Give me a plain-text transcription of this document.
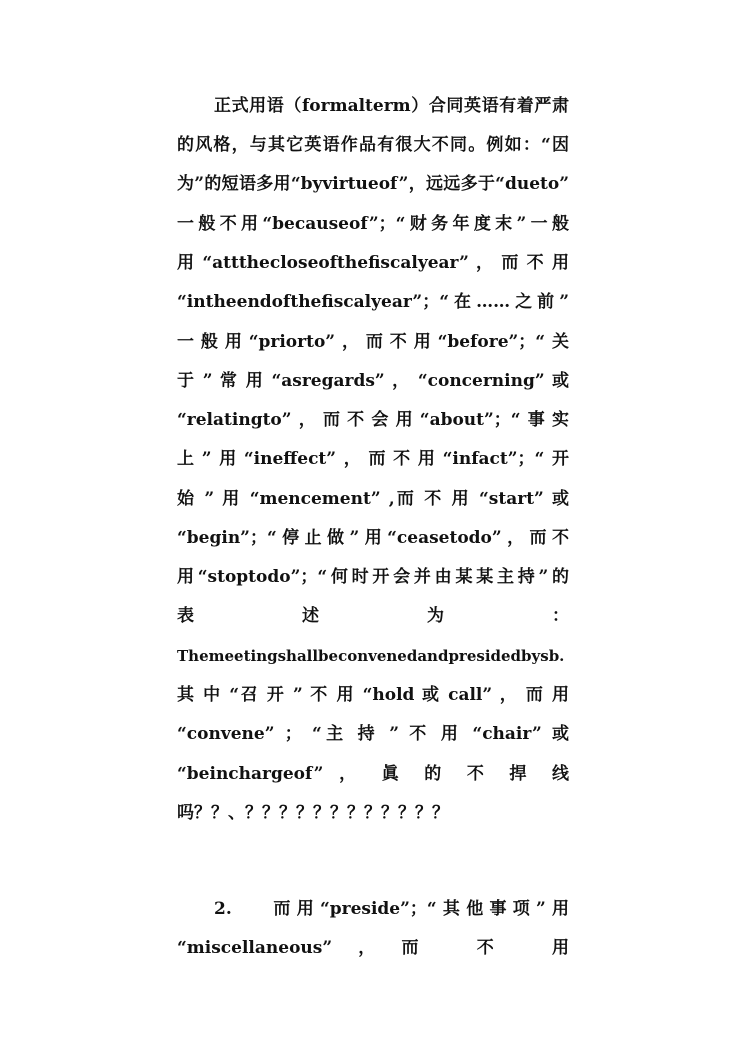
正式用语（formalterm）合同英语有着严肃
的风格，与其它英语作品有很大不同。例如：“因
为”的短语多用“byvirtueof”，远远多于“dueto”
一般不用“becauseof”；“财务年度末”一般
用 “attthecloseofthefiscalyear” ， 而 不 用
“intheendofthefiscalyear”；“在……之前”
一般用“priorto”，而不用“before”；“关
于 ” 常 用 “asregards” ， “concerning” 或
“relatingto”，而不会用“about”；“事实
上”用“ineffect”，而不用“infact”；“开
始 ” 用 “mencement” ,而 不 用 “start” 或
“begin”；“停止做”用“ceasetodo”，而不
用“stoptodo”；“何时开会并由某某主持”的
表 述 为 ：
Themeetingshallbeconvenedandpresidedbysb.
其 中 “召 开 ” 不 用 “hold 或 call” ， 而 用
“convene” ； “主 持 ” 不 用 “chair” 或
“beinchargeof” ， 眞 的 不 捍 线
吗？？、？？？？？？？？？？？？
2.　 而用“preside”；“其他事项”用
“miscellaneous”，而 不 用
